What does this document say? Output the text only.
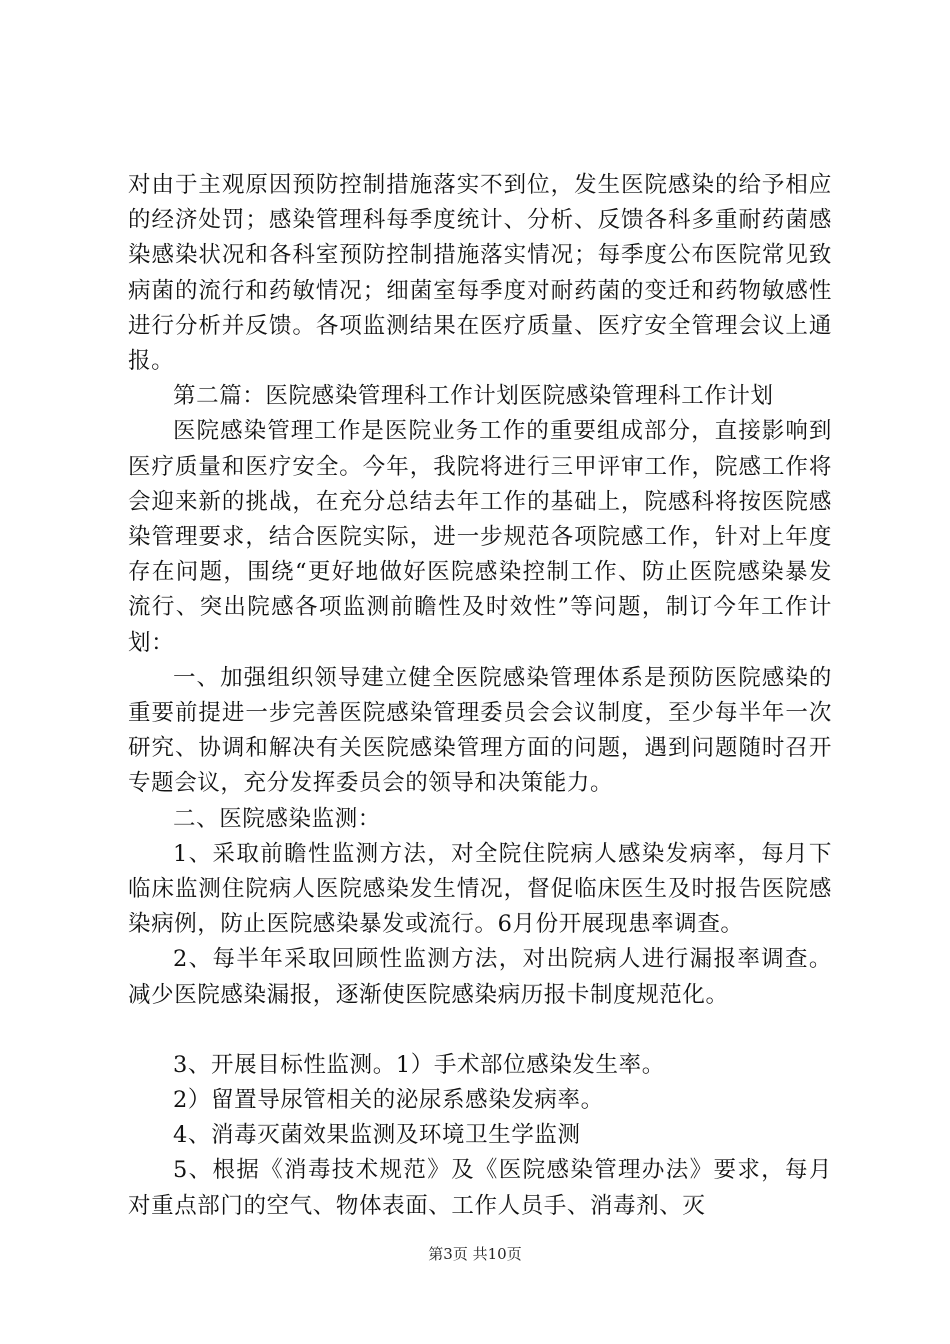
对由于主观原因预防控制措施落实不到位，发生医院感染的给予相应的经济处罚；感染管理科每季度统计、分析、反馈各科多重耐药菌感染感染状况和各科室预防控制措施落实情况；每季度公布医院常见致病菌的流行和药敏情况；细菌室每季度对耐药菌的变迁和药物敏感性进行分析并反馈。各项监测结果在医疗质量、医疗安全管理会议上通报。

第二篇：医院感染管理科工作计划医院感染管理科工作计划

医院感染管理工作是医院业务工作的重要组成部分，直接影响到医疗质量和医疗安全。今年，我院将进行三甲评审工作，院感工作将会迎来新的挑战，在充分总结去年工作的基础上，院感科将按医院感染管理要求，结合医院实际，进一步规范各项院感工作，针对上年度存在问题，围绕“更好地做好医院感染控制工作、防止医院感染暴发流行、突出院感各项监测前瞻性及时效性”等问题，制订今年工作计划：

一、加强组织领导建立健全医院感染管理体系是预防医院感染的重要前提进一步完善医院感染管理委员会会议制度，至少每半年一次研究、协调和解决有关医院感染管理方面的问题，遇到问题随时召开专题会议，充分发挥委员会的领导和决策能力。

二、医院感染监测：

1、采取前瞻性监测方法，对全院住院病人感染发病率，每月下临床监测住院病人医院感染发生情况，督促临床医生及时报告医院感染病例，防止医院感染暴发或流行。6月份开展现患率调查。

2、每半年采取回顾性监测方法，对出院病人进行漏报率调查。减少医院感染漏报，逐渐使医院感染病历报卡制度规范化。

3、开展目标性监测。1）手术部位感染发生率。

2）留置导尿管相关的泌尿系感染发病率。

4、消毒灭菌效果监测及环境卫生学监测

5、根据《消毒技术规范》及《医院感染管理办法》要求，每月对重点部门的空气、物体表面、工作人员手、消毒剂、灭

第3页 共10页
